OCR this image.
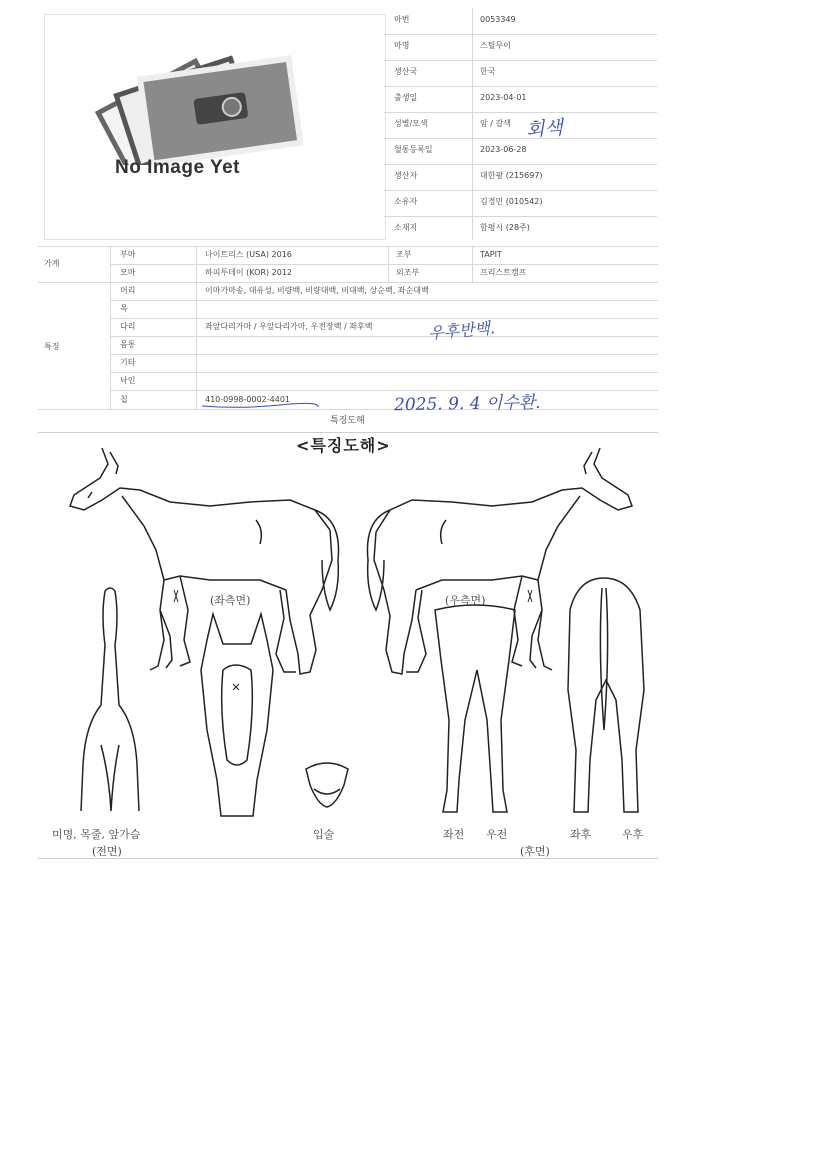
No Image Yet
마번	0053349
마명	스틸무이
생산국	한국
출생일	2023-04-01
성별/모색	암 / 갈색
혈통등록일	2023-06-28
생산자	대한팜 (215697)
소유자	김경민 (010542)
소재지	함평시 (28주)
회색
가계
부마	나이트리스 (USA) 2016	조부	TAPIT
모마	하피투데이 (KOR) 2012	외조부	프리스트캠프
특징
머리	이마가마송, 대유성, 비량백, 비량대백, 비대백, 상순백, 좌순대백
목
다리	좌앞다리가마 / 우앞다리가마, 우전장백 / 좌후백
몸통
기타
낙인
칩	410-0998-0002-4401
우후반백.
2025. 9. 4 이수환.
특징도해
<특징도해>
(좌측면)	(우측면)
미명, 목줄, 앞가슴
(전면)
입술	좌전 우전	좌후	우후
(후면)
